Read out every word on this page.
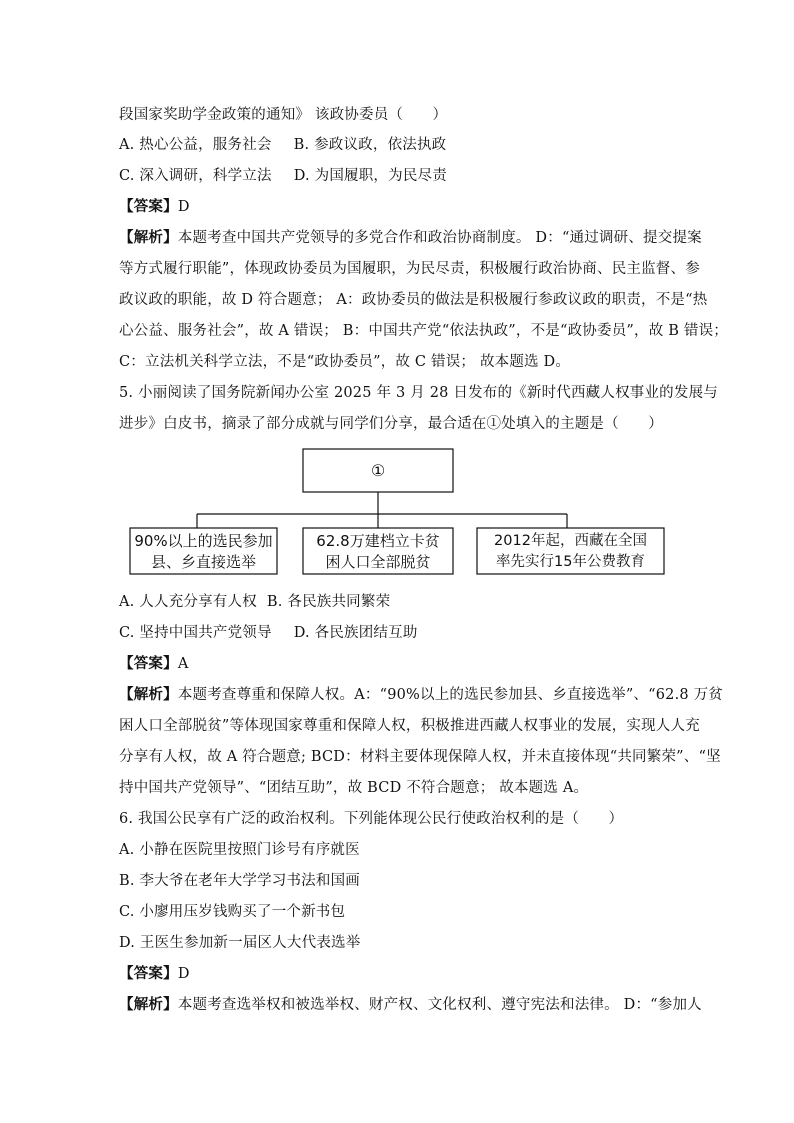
段国家奖助学金政策的通知》 该政协委员（　　）
A. 热心公益，服务社会 B. 参政议政，依法执政
C. 深入调研，科学立法 D. 为国履职，为民尽责
【答案】D
【解析】本题考查中国共产党领导的多党合作和政治协商制度。 D：“通过调研、提交提案
等方式履行职能”，体现政协委员为国履职，为民尽责，积极履行政治协商、民主监督、参
政议政的职能，故 D 符合题意； A：政协委员的做法是积极履行参政议政的职责，不是“热
心公益、服务社会”，故 A 错误； B：中国共产党“依法执政”，不是“政协委员”，故 B 错误；
C：立法机关科学立法，不是“政协委员”，故 C 错误； 故本题选 D。
5. 小丽阅读了国务院新闻办公室 2025 年 3 月 28 日发布的《新时代西藏人权事业的发展与
进步》白皮书，摘录了部分成就与同学们分享，最合适在①处填入的主题是（　　）
①
90%以上的选民参加
县、乡直接选举
62.8万建档立卡贫
困人口全部脱贫
2012年起，西藏在全国
率先实行15年公费教育
A. 人人充分享有人权 B. 各民族共同繁荣
C. 坚持中国共产党领导 D. 各民族团结互助
【答案】A
【解析】本题考查尊重和保障人权。A：“90%以上的选民参加县、乡直接选举”、“62.8 万贫
困人口全部脱贫”等体现国家尊重和保障人权，积极推进西藏人权事业的发展，实现人人充
分享有人权，故 A 符合题意; BCD：材料主要体现保障人权，并未直接体现“共同繁荣”、“坚
持中国共产党领导”、“团结互助”，故 BCD 不符合题意； 故本题选 A。
6. 我国公民享有广泛的政治权利。下列能体现公民行使政治权利的是（　　）
A. 小静在医院里按照门诊号有序就医
B. 李大爷在老年大学学习书法和国画
C. 小廖用压岁钱购买了一个新书包
D. 王医生参加新一届区人大代表选举
【答案】D
【解析】本题考查选举权和被选举权、财产权、文化权利、遵守宪法和法律。 D：“参加人
